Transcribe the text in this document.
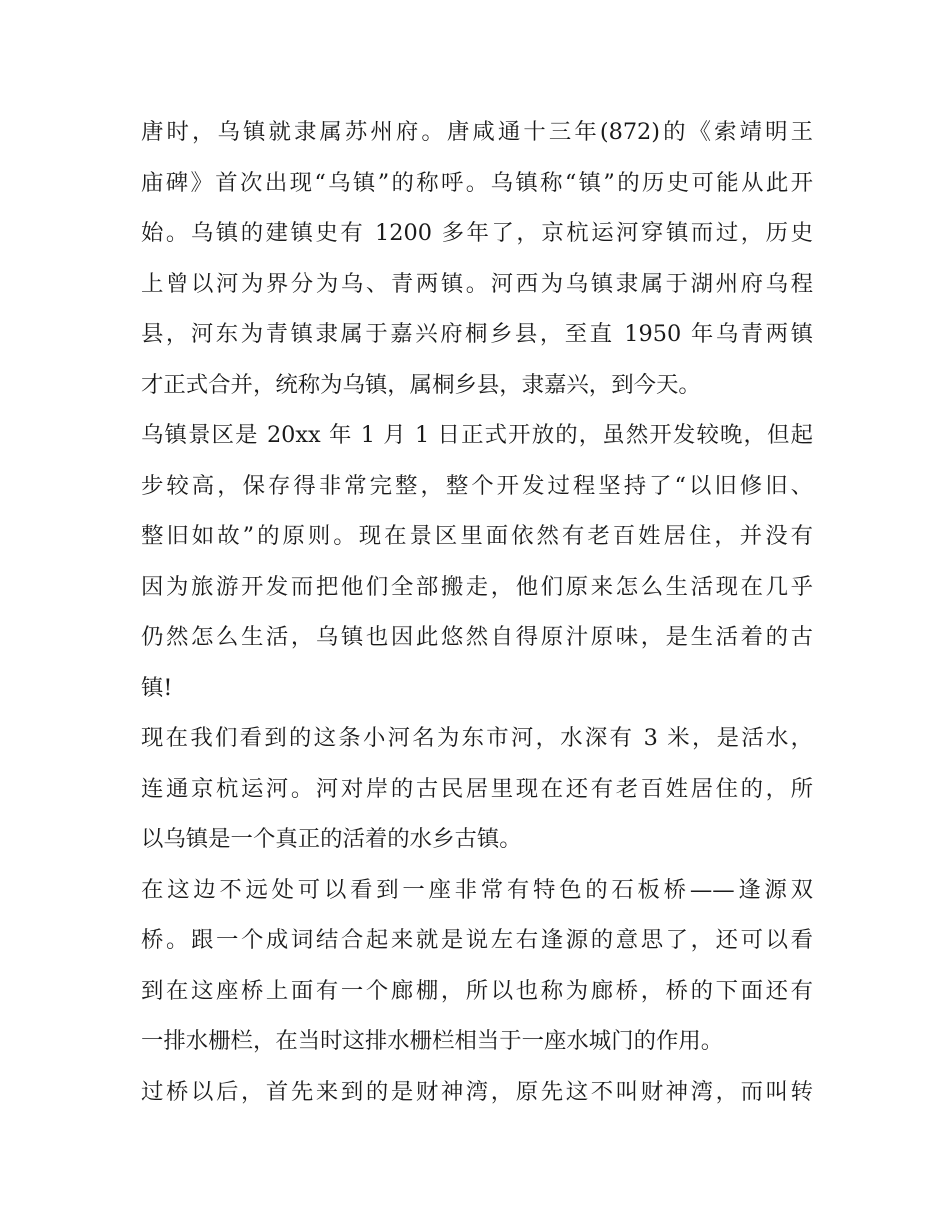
唐时，乌镇就隶属苏州府。唐咸通十三年(872)的《索靖明王
庙碑》首次出现“乌镇”的称呼。乌镇称“镇”的历史可能从此开
始。乌镇的建镇史有 1200 多年了，京杭运河穿镇而过，历史
上曾以河为界分为乌、青两镇。河西为乌镇隶属于湖州府乌程
县，河东为青镇隶属于嘉兴府桐乡县，至直 1950 年乌青两镇
才正式合并，统称为乌镇，属桐乡县，隶嘉兴，到今天。
乌镇景区是 20xx 年 1 月 1 日正式开放的，虽然开发较晚，但起
步较高，保存得非常完整，整个开发过程坚持了“以旧修旧、
整旧如故”的原则。现在景区里面依然有老百姓居住，并没有
因为旅游开发而把他们全部搬走，他们原来怎么生活现在几乎
仍然怎么生活，乌镇也因此悠然自得原汁原味，是生活着的古
镇!
现在我们看到的这条小河名为东市河，水深有 3 米，是活水，
连通京杭运河。河对岸的古民居里现在还有老百姓居住的，所
以乌镇是一个真正的活着的水乡古镇。
在这边不远处可以看到一座非常有特色的石板桥——逢源双
桥。跟一个成词结合起来就是说左右逢源的意思了，还可以看
到在这座桥上面有一个廊棚，所以也称为廊桥，桥的下面还有
一排水栅栏，在当时这排水栅栏相当于一座水城门的作用。
过桥以后，首先来到的是财神湾，原先这不叫财神湾，而叫转
